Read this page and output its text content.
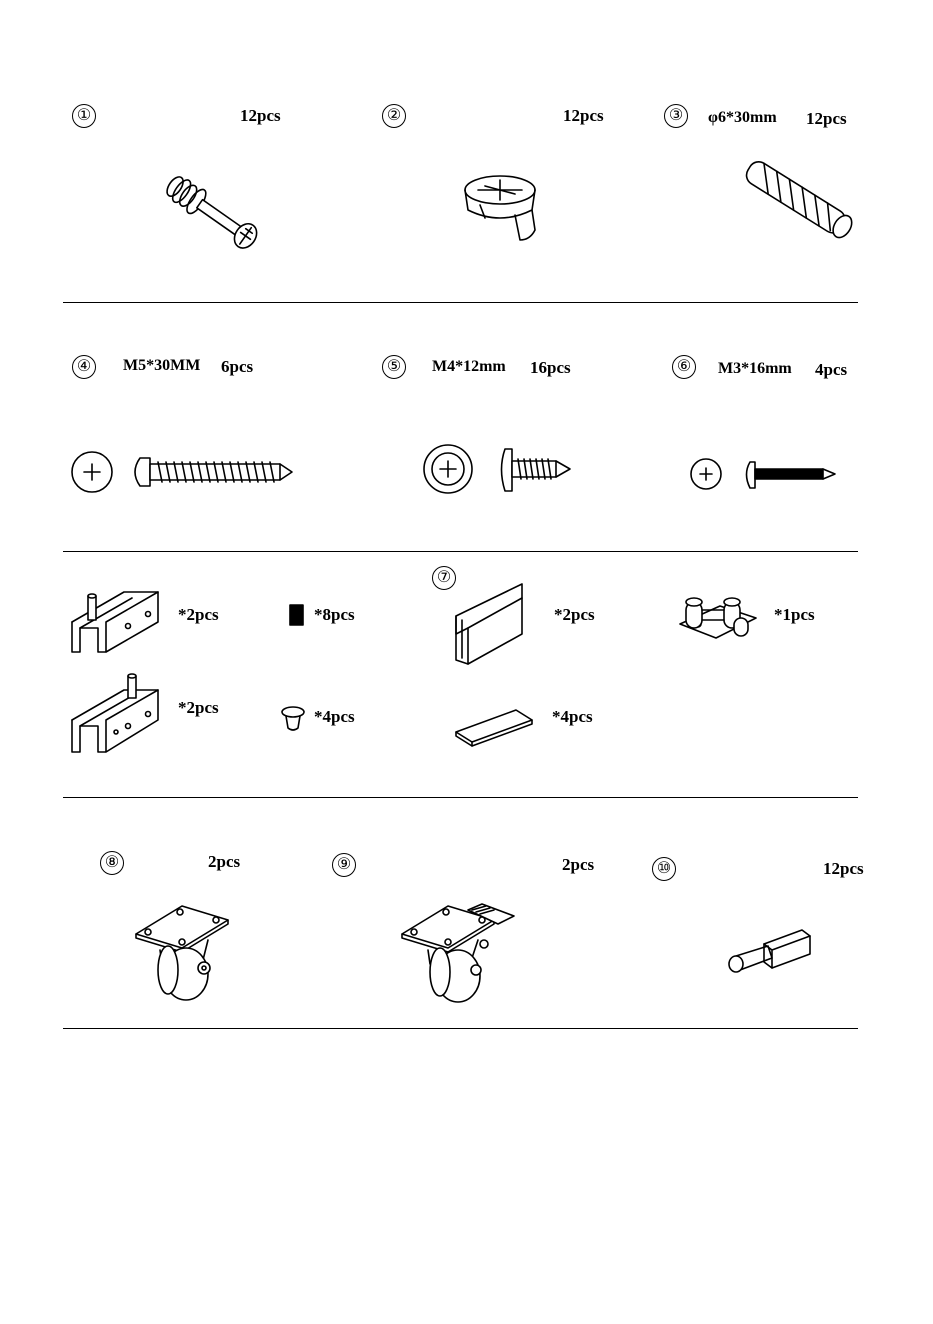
①	12pcs	②	12pcs	③	φ6*30mm 12pcs
④	M5*30MM 6pcs	⑤	M4*12mm 16pcs	⑥	M3*16mm 4pcs
⑦
*2pcs	*8pcs	*2pcs	*1pcs
*2pcs	*4pcs	*4pcs
⑧	2pcs	⑨	2pcs	⑩	12pcs
